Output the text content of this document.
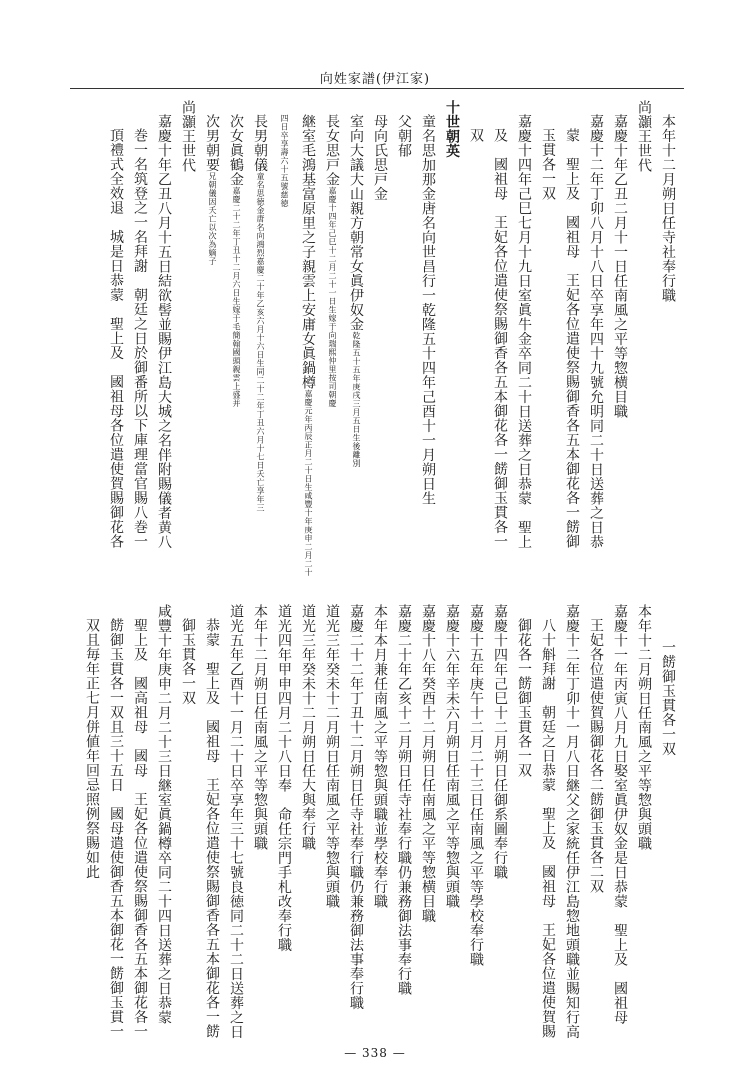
向姓家譜(伊江家)
本年十二月朔日任寺社奉行職
尚灝王世代
嘉慶十年乙丑二月十一日任南風之平等惣横目職
嘉慶十二年丁卯八月十八日卒享年四十九號允明同二十日送葬之日恭
蒙　聖上及　國祖母　王妃各位遣使祭賜御香各五本御花各一餝御
玉貫各一双
嘉慶十四年己巳七月十九日室眞牛金卒同二十日送葬之日恭蒙　聖上
及　國祖母　王妃各位遣使祭賜御香各五本御花各一餝御玉貫各一
双
十世朝英
童名思加那金唐名向世昌行一乾隆五十四年己酉十一月朔日生
父朝郁
母向氏思戸金
室向大議大山親方朝常女眞伊奴金乾隆五十五年庚戌三月五日生後離別
長女思戸金嘉慶十四年己巳十二月二十一日生嫁于向瑞熙仲里按司朝慶
継室毛鴻基富原里之子親雲上安庸女眞鍋樽嘉慶元年丙辰正月二十日生咸豐十年庚申二月二十四日卒享壽六十五號慈徳
長男朝儀童名思徳金唐名向鴻烈嘉慶二十年乙亥六月十六日生同二十二年丁丑六月十七日夭亡享年三
次女眞鶴金嘉慶二十二年丁丑十二月六日生嫁于毛簡翰國頭親雲上盛并
次男朝要兄朝儀因夭亡以次為嫡子
尚灝王世代
嘉慶十年乙丑八月十五日結欲髻並賜伊江島大城之名伴附賜儀者黄八
巻一名筑登之一名拜謝　朝廷之日於御番所以下庫理當官賜八巻一
頂禮式全效退　城是日恭蒙　聖上及　國祖母各位遣使賀賜御花各
一餝御玉貫各一双
本年十二月朔日任南風之平等惣與頭職
嘉慶十一年丙寅八月九日娶室眞伊奴金是日恭蒙　聖上及　國祖母
王妃各位遣使賀賜御花各二餝御玉貫各二双
嘉慶十二年丁卯十一月八日継父之家統任伊江島惣地頭職並賜知行高
八十斛拜謝　朝廷之日恭蒙　聖上及　國祖母　王妃各位遣使賀賜
御花各一餝御玉貫各一双
嘉慶十四年己巳十二月朔日任御系圖奉行職
嘉慶十五年庚午十二月二十三日任南風之平等學校奉行職
嘉慶十六年辛未六月朔日任南風之平等惣與頭職
嘉慶十八年癸酉十二月朔日任南風之平等惣横目職
嘉慶二十年乙亥十二月朔日任寺社奉行職仍兼務御法事奉行職
本年本月兼任南風之平等惣與頭職並學校奉行職
嘉慶二十二年丁丑十二月朔日任寺社奉行職仍兼務御法事奉行職
道光三年癸未十二月朔日任南風之平等惣與頭職
道光三年癸未十二月朔日任大與奉行職
道光四年甲申四月二十八日奉　命任宗門手札改奉行職
本年十二月朔日任南風之平等惣與頭職
道光五年乙酉十一月二十日卒享年三十七號良徳同二十二日送葬之日
恭蒙　聖上及　國祖母　王妃各位遣使祭賜御香各五本御花各一餝
御玉貫各一双
咸豐十年庚申二月二十三日継室眞鍋樽卒同二十四日送葬之日恭蒙
聖上及　國高祖母　國母　王妃各位遣使祭賜御香各五本御花各一
餝御玉貫各一双且三十五日　國母遣使御香五本御花一餝御玉貫一
双且毎年正七月併値年回忌照例祭賜如此
— 338 —
